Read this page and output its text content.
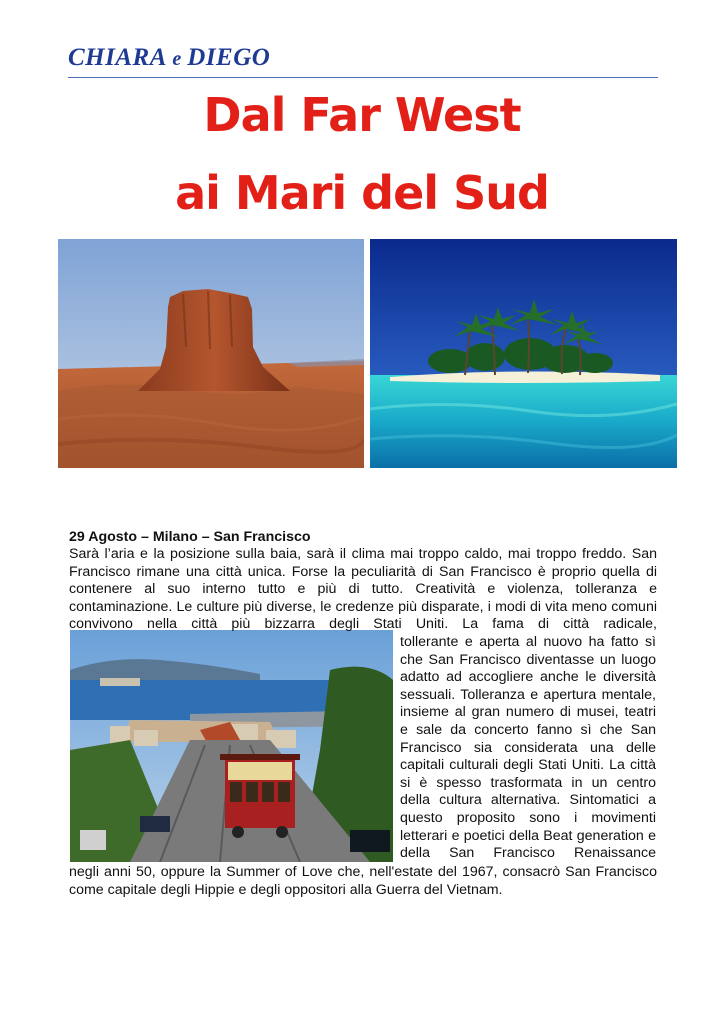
CHIARA e DIEGO
Dal Far West
ai Mari del Sud
29 Agosto – Milano – San Francisco

Sarà l’aria e la posizione sulla baia, sarà il clima mai troppo caldo, mai troppo freddo. San Francisco rimane una città unica. Forse la peculiarità di San Francisco è proprio quella di contenere al suo interno tutto e più di tutto. Creatività e violenza, tolleranza e contaminazione. Le culture più diverse, le credenze più disparate, i modi di vita meno comuni convivono nella città più bizzarra degli Stati Uniti. La fama di città radicale,

tollerante e aperta al nuovo ha fatto sì che San Francisco diventasse un luogo adatto ad accogliere anche le diversità sessuali. Tolleranza e apertura mentale, insieme al gran numero di musei, teatri e sale da concerto fanno sì che San Francisco sia considerata una delle capitali culturali degli Stati Uniti. La città si è spesso trasformata in un centro della cultura alternativa. Sintomatici a questo proposito sono i movimenti letterari e poetici della Beat generation e della San Francisco Renaissance

negli anni 50, oppure la Summer of Love che, nell'estate del 1967, consacrò San Francisco come capitale degli Hippie e degli oppositori alla Guerra del Vietnam.
